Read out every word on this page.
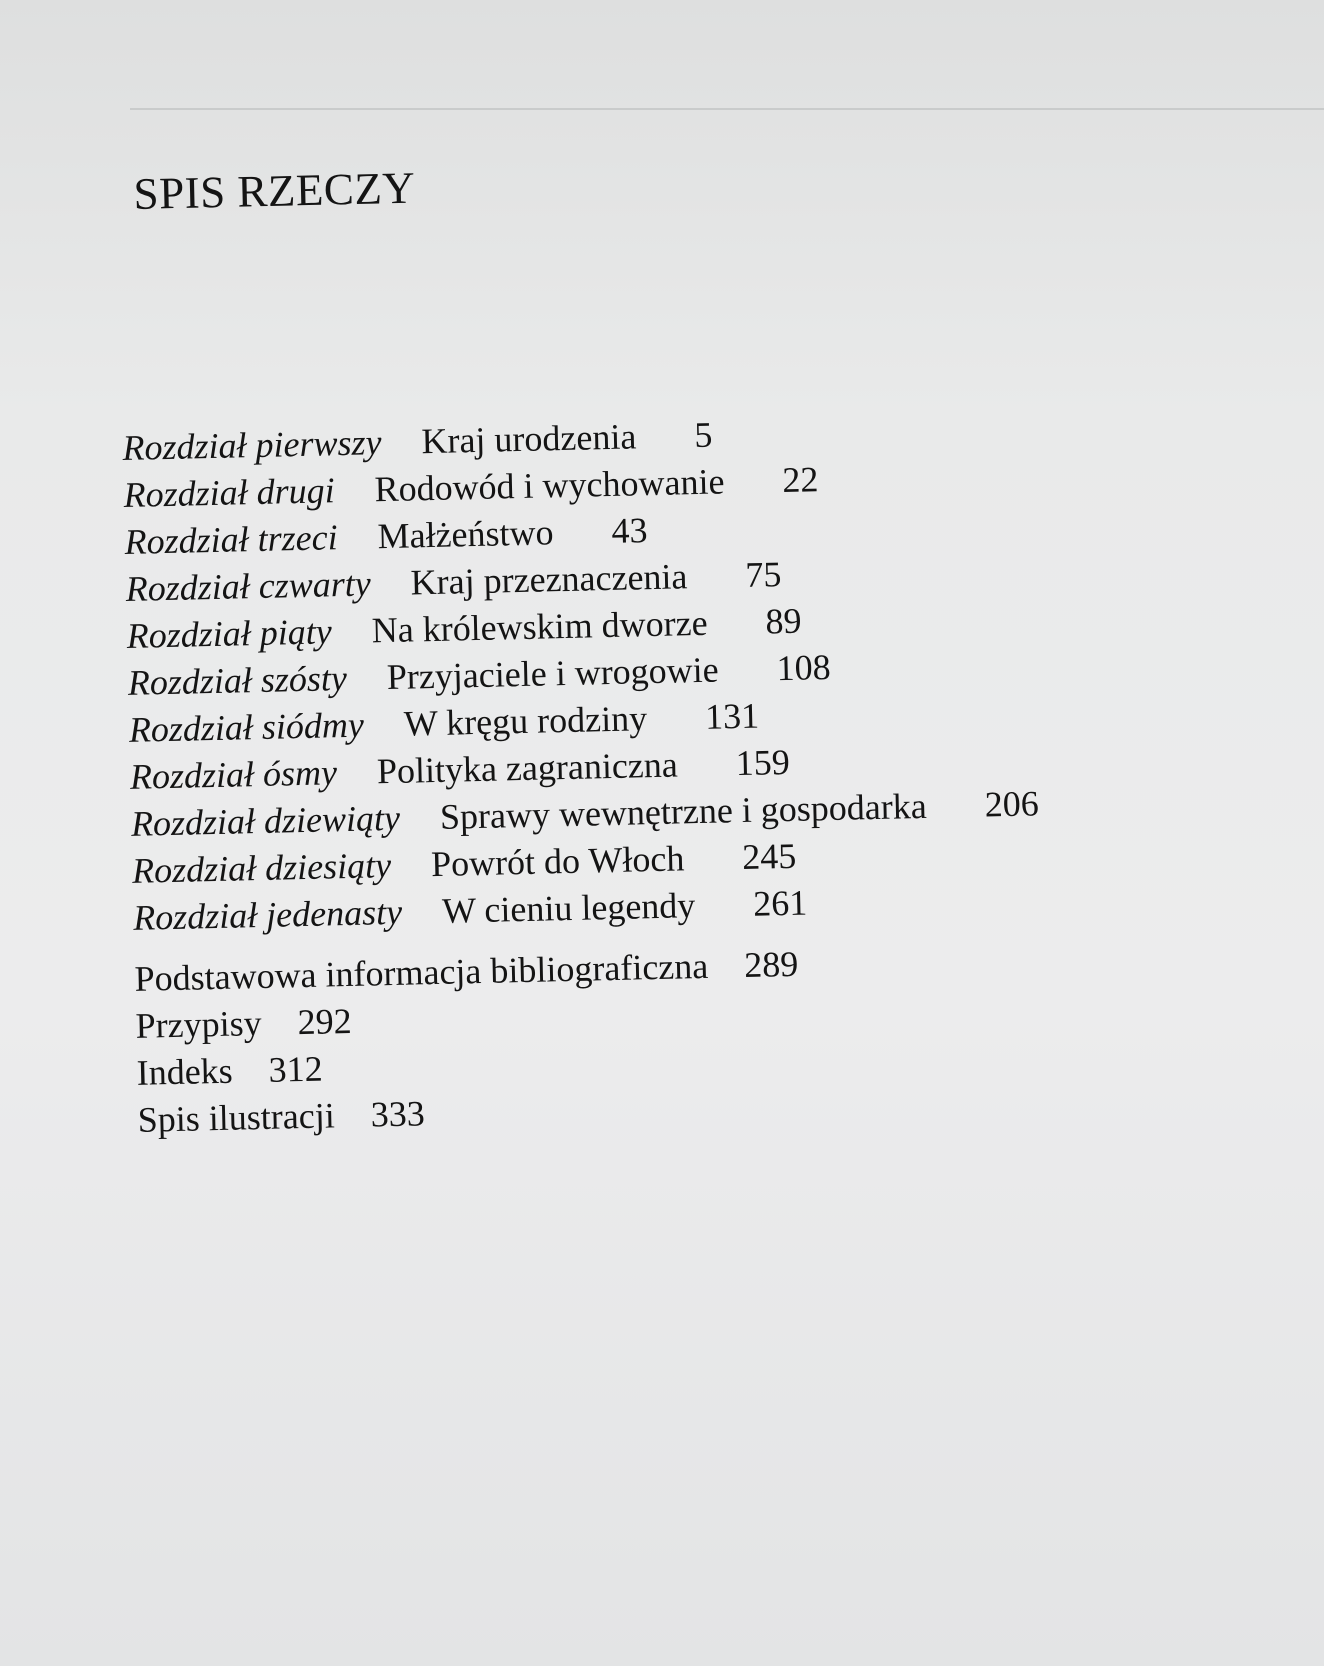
SPIS RZECZY
Rozdział pierwszy Kraj urodzenia 5
Rozdział drugi Rodowód i wychowanie 22
Rozdział trzeci Małżeństwo 43
Rozdział czwarty Kraj przeznaczenia 75
Rozdział piąty Na królewskim dworze 89
Rozdział szósty Przyjaciele i wrogowie 108
Rozdział siódmy W kręgu rodziny 131
Rozdział ósmy Polityka zagraniczna 159
Rozdział dziewiąty Sprawy wewnętrzne i gospodarka 206
Rozdział dziesiąty Powrót do Włoch 245
Rozdział jedenasty W cieniu legendy 261
Podstawowa informacja bibliograficzna 289
Przypisy 292
Indeks 312
Spis ilustracji 333
